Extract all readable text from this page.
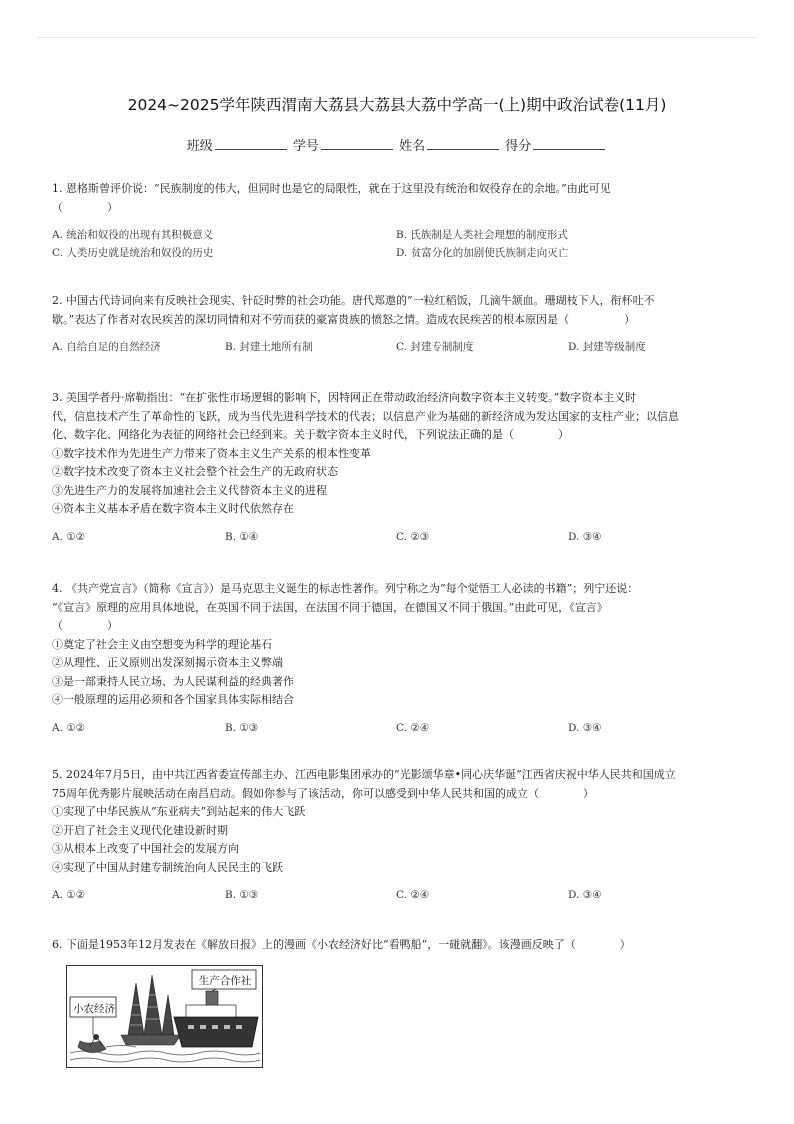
2024~2025学年陕西渭南大荔县大荔县大荔中学高一(上)期中政治试卷(11月)
班级	学号	姓名	得分

1. 恩格斯曾评价说：“民族制度的伟大，但同时也是它的局限性，就在于这里没有统治和奴役存在的余地。”由此可见

（　　　　）

A. 统治和奴役的出现有其积极意义	B. 氏族制是人类社会理想的制度形式
C. 人类历史就是统治和奴役的历史	D. 贫富分化的加剧使氏族制走向灭亡

2. 中国古代诗词向来有反映社会现实、针砭时弊的社会功能。唐代郑遨的“一粒红稻饭，几滴牛颔血。珊瑚枝下人，衔杯吐不

歇。”表达了作者对农民疾苦的深切同情和对不劳而获的豪富贵族的愤怒之情。造成农民疾苦的根本原因是（　　　　　）

A. 自给自足的自然经济	B. 封建土地所有制	C. 封建专制制度	D. 封建等级制度

3. 美国学者丹·席勒指出：“在扩张性市场逻辑的影响下，因特网正在带动政治经济向数字资本主义转变。”数字资本主义时

代，信息技术产生了革命性的飞跃，成为当代先进科学技术的代表；以信息产业为基础的新经济成为发达国家的支柱产业；以信息

化、数字化、网络化为表征的网络社会已经到来。关于数字资本主义时代，下列说法正确的是（　　　　）

①数字技术作为先进生产力带来了资本主义生产关系的根本性变革

②数字技术改变了资本主义社会整个社会生产的无政府状态

③先进生产力的发展将加速社会主义代替资本主义的进程

④资本主义基本矛盾在数字资本主义时代依然存在

A. ①②	B. ①④	C. ②③	D. ③④

4. 《共产党宣言》（简称《宣言》）是马克思主义诞生的标志性著作。列宁称之为“每个觉悟工人必读的书籍”；列宁还说：

“《宣言》原理的应用具体地说，在英国不同于法国，在法国不同于德国，在德国又不同于俄国。”由此可见，《宣言》

（　　　　）

①奠定了社会主义由空想变为科学的理论基石

②从理性、正义原则出发深刻揭示资本主义弊端

③是一部秉持人民立场、为人民谋利益的经典著作

④一般原理的运用必须和各个国家具体实际相结合

A. ①②	B. ①③	C. ②④	D. ③④

5. 2024年7月5日，由中共江西省委宣传部主办、江西电影集团承办的“光影颂华章•同心庆华诞”江西省庆祝中华人民共和国成立

75周年优秀影片展映活动在南昌启动。假如你参与了该活动，你可以感受到中华人民共和国的成立（　　　　）

①实现了中华民族从“东亚病夫”到站起来的伟大飞跃

②开启了社会主义现代化建设新时期

③从根本上改变了中国社会的发展方向

④实现了中国从封建专制统治向人民民主的飞跃

A. ①②	B. ①③	C. ②④	D. ③④

6. 下面是1953年12月发表在《解放日报》上的漫画《小农经济好比“看鸭船”，一碰就翻》。该漫画反映了（　　　　）

小农经济
生产合作社
